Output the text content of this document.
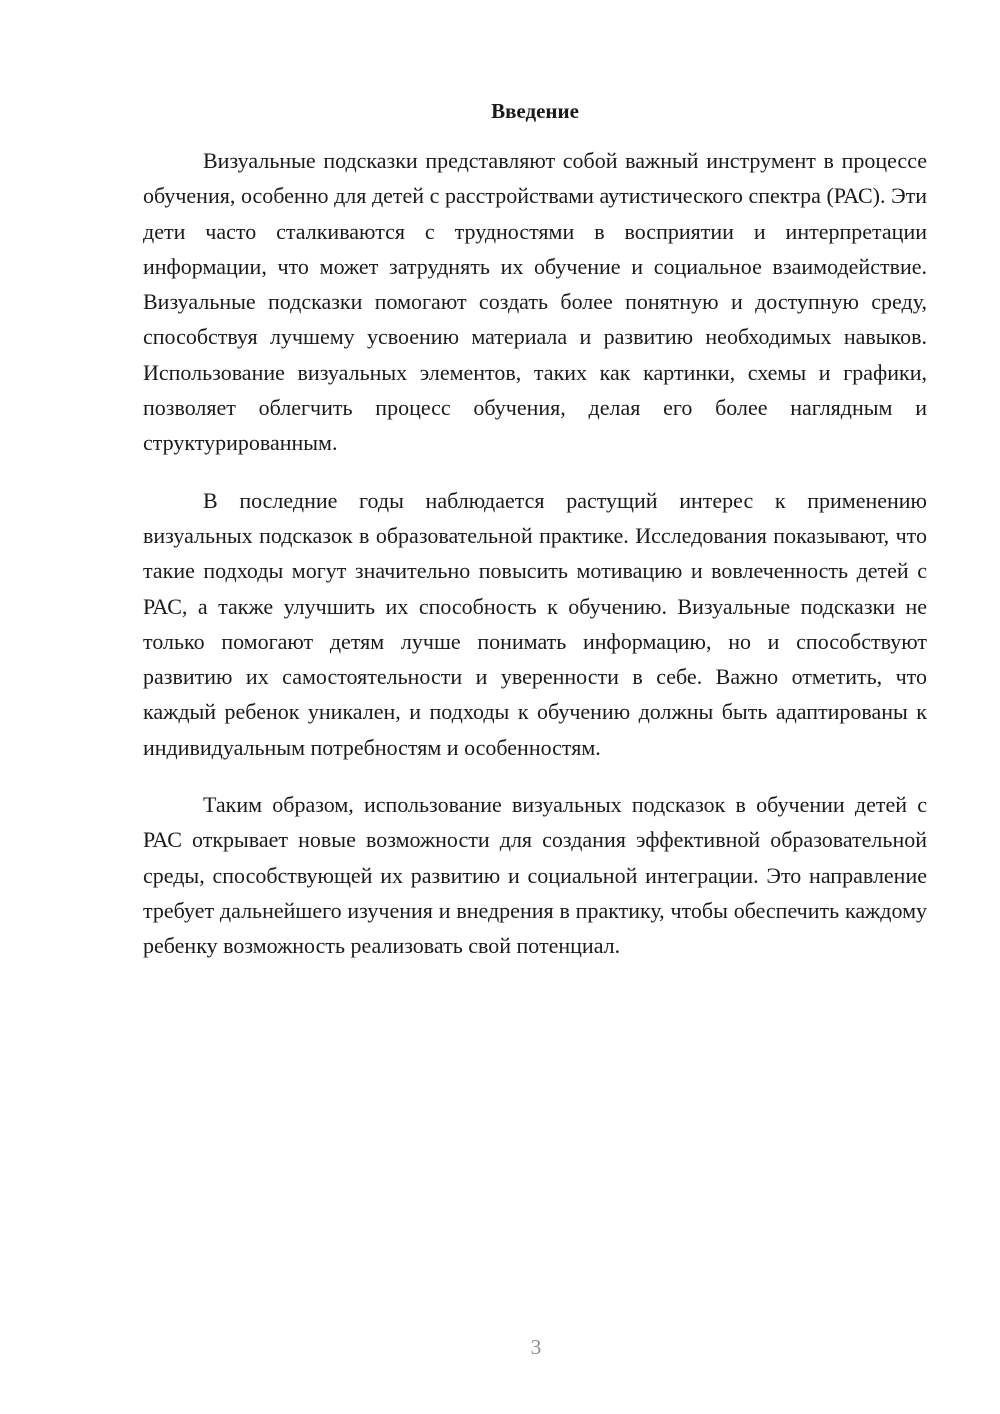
Введение

Визуальные подсказки представляют собой важный инструмент в процессе обучения, особенно для детей с расстройствами аутистического спектра (РАС). Эти дети часто сталкиваются с трудностями в восприятии и интерпретации информации, что может затруднять их обучение и социальное взаимодействие. Визуальные подсказки помогают создать более понятную и доступную среду, способствуя лучшему усвоению материала и развитию необходимых навыков. Использование визуальных элементов, таких как картинки, схемы и графики, позволяет облегчить процесс обучения, делая его более наглядным и структурированным.

В последние годы наблюдается растущий интерес к применению визуальных подсказок в образовательной практике. Исследования показывают, что такие подходы могут значительно повысить мотивацию и вовлеченность детей с РАС, а также улучшить их способность к обучению. Визуальные подсказки не только помогают детям лучше понимать информацию, но и способствуют развитию их самостоятельности и уверенности в себе. Важно отметить, что каждый ребенок уникален, и подходы к обучению должны быть адаптированы к индивидуальным потребностям и особенностям.

Таким образом, использование визуальных подсказок в обучении детей с РАС открывает новые возможности для создания эффективной образовательной среды, способствующей их развитию и социальной интеграции. Это направление требует дальнейшего изучения и внедрения в практику, чтобы обеспечить каждому ребенку возможность реализовать свой потенциал.

3
